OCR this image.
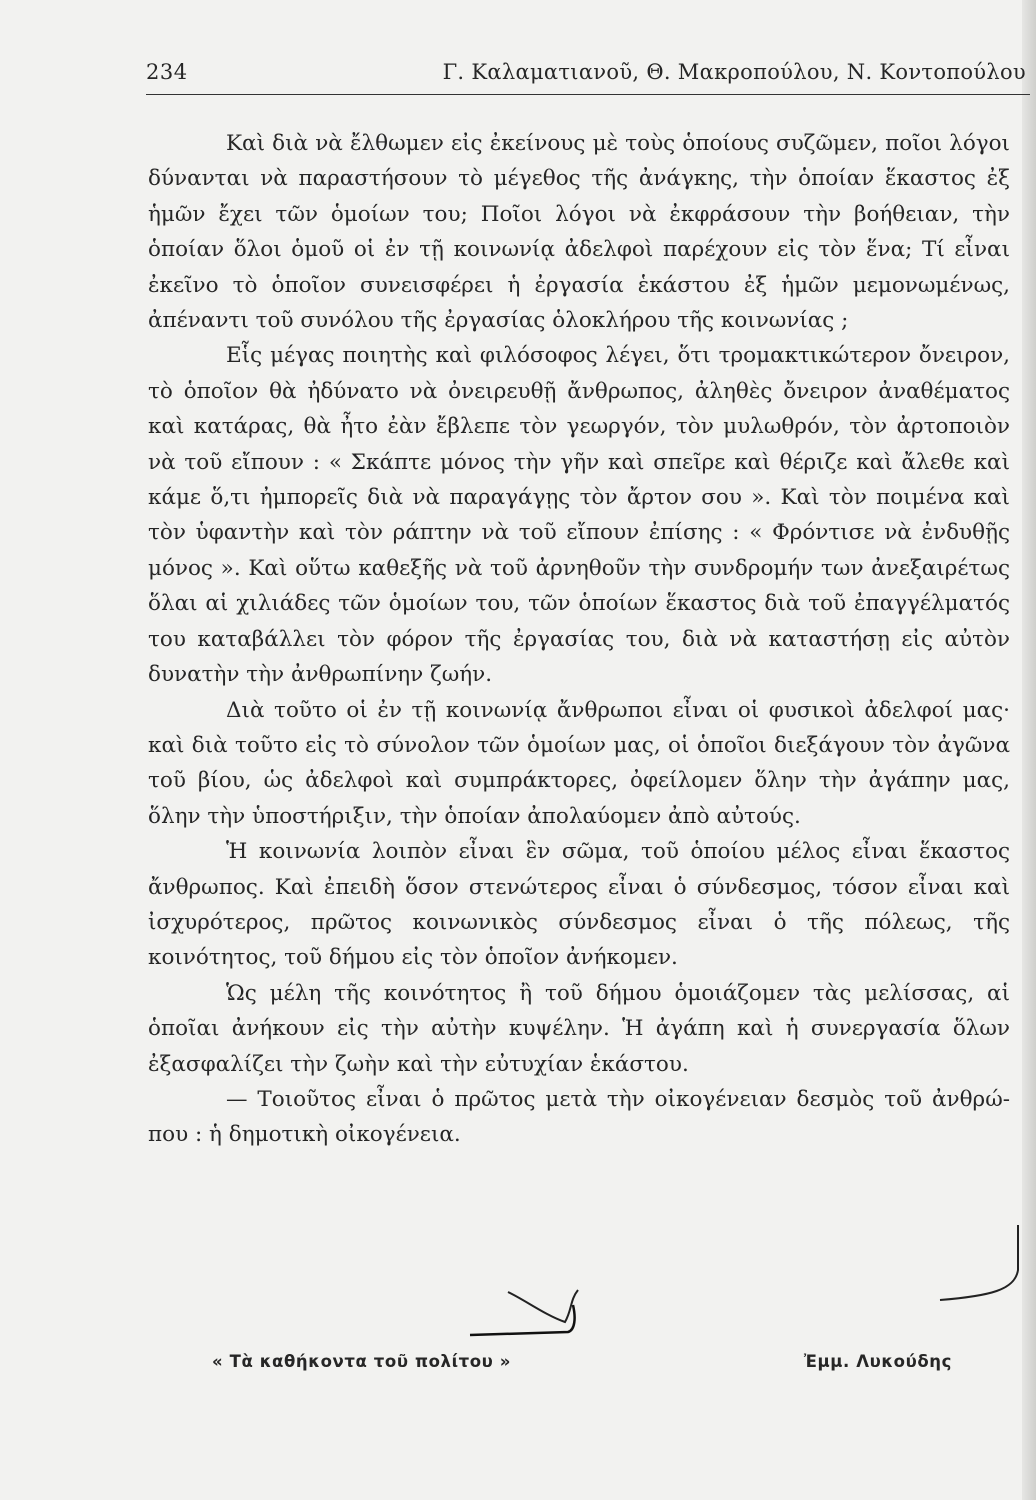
234	Γ. Καλαματιανοῦ, Θ. Μακροπούλου, Ν. Κοντοπούλου

Καὶ διὰ νὰ ἔλθωμεν εἰς ἐκείνους μὲ τοὺς ὁποίους συζῶμεν, ποῖοι λόγοι δύνανται νὰ παραστήσουν τὸ μέγεθος τῆς ἀνάγκης, τὴν ὁποίαν ἕκαστος ἐξ ἡμῶν ἔχει τῶν ὁμοίων του; Ποῖοι λόγοι νὰ ἐκφράσουν τὴν βοήθειαν, τὴν ὁποίαν ὅλοι ὁμοῦ οἱ ἐν τῇ κοινωνίᾳ ἀδελφοὶ παρέχουν εἰς τὸν ἕνα; Τί εἶναι ἐκεῖνο τὸ ὁποῖον συνεισφέρει ἡ ἐργασία ἑκάστου ἐξ ἡμῶν μεμονωμένως, ἀπέναντι τοῦ συνόλου τῆς ἐργασίας ὁλοκλήρου τῆς κοινωνίας ;

Εἷς μέγας ποιητὴς καὶ φιλόσοφος λέγει, ὅτι τρομακτικώτερον ὄνειρον, τὸ ὁποῖον θὰ ἠδύνατο νὰ ὀνειρευθῇ ἄνθρωπος, ἀληθὲς ὄνειρον ἀναθέματος καὶ κατάρας, θὰ ἦτο ἐὰν ἔβλεπε τὸν γεωργόν, τὸν μυλωθρόν, τὸν ἀρτοποιὸν νὰ τοῦ εἴπουν : « Σκάπτε μόνος τὴν γῆν καὶ σπεῖρε καὶ θέριζε καὶ ἄλεθε καὶ κάμε ὅ,τι ἠμπορεῖς διὰ νὰ παραγάγῃς τὸν ἄρτον σου ». Καὶ τὸν ποιμένα καὶ τὸν ὑφαντὴν καὶ τὸν ράπτην νὰ τοῦ εἴπουν ἐπίσης : « Φρόντισε νὰ ἐνδυθῇς μόνος ». Καὶ οὕτω καθεξῆς νὰ τοῦ ἀρνηθοῦν τὴν συνδρομήν των ἀνεξαιρέτως ὅλαι αἱ χιλιάδες τῶν ὁμοίων του, τῶν ὁποίων ἕκαστος διὰ τοῦ ἐπαγγέλματός του καταβάλλει τὸν φόρον τῆς ἐργασίας του, διὰ νὰ καταστήσῃ εἰς αὐτὸν δυνατὴν τὴν ἀνθρωπίνην ζωήν.

Διὰ τοῦτο οἱ ἐν τῇ κοινωνίᾳ ἄνθρωποι εἶναι οἱ φυσικοὶ ἀδελφοί μας· καὶ διὰ τοῦτο εἰς τὸ σύνολον τῶν ὁμοίων μας, οἱ ὁποῖοι διεξάγουν τὸν ἀγῶνα τοῦ βίου, ὡς ἀδελφοὶ καὶ συμπράκτορες, ὀφείλομεν ὅλην τὴν ἀγάπην μας, ὅλην τὴν ὑποστήριξιν, τὴν ὁποίαν ἀπολαύομεν ἀπὸ αὐτούς.

Ἡ κοινωνία λοιπὸν εἶναι ἓν σῶμα, τοῦ ὁποίου μέλος εἶναι ἕκαστος ἄνθρωπος. Καὶ ἐπειδὴ ὅσον στενώτερος εἶναι ὁ σύνδεσμος, τόσον εἶναι καὶ ἰσχυρότερος, πρῶτος κοινωνικὸς σύνδεσμος εἶναι ὁ τῆς πόλεως, τῆς κοινότητος, τοῦ δήμου εἰς τὸν ὁποῖον ἀνήκομεν.

Ὡς μέλη τῆς κοινότητος ἢ τοῦ δήμου ὁμοιάζομεν τὰς μελίσσας, αἱ ὁποῖαι ἀνήκουν εἰς τὴν αὐτὴν κυψέλην. Ἡ ἀγάπη καὶ ἡ συνεργασία ὅλων ἐξασφαλίζει τὴν ζωὴν καὶ τὴν εὐτυχίαν ἑκάστου.

— Τοιοῦτος εἶναι ὁ πρῶτος μετὰ τὴν οἰκογένειαν δεσμὸς τοῦ ἀνθρώπου : ἡ δημοτικὴ οἰκογένεια.

« Τὰ καθήκοντα τοῦ πολίτου »	Ἐμμ. Λυκούδης
